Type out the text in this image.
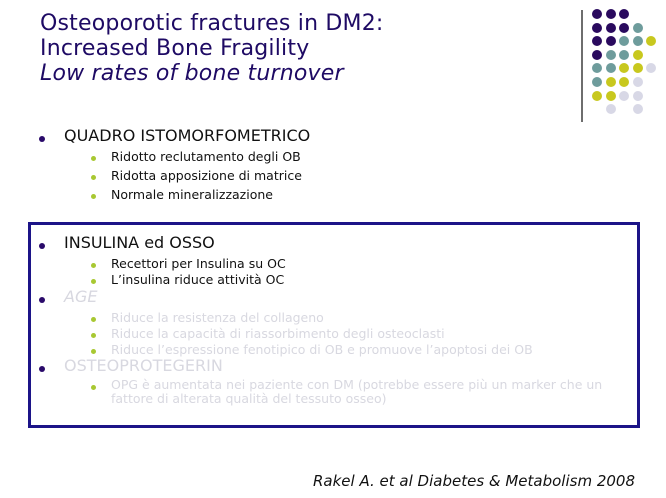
Osteoporotic fractures in DM2:
Increased Bone Fragility
Low rates of bone turnover
QUADRO ISTOMORFOMETRICO
Ridotto reclutamento degli OB
Ridotta apposizione di matrice
Normale mineralizzazione
INSULINA ed OSSO
Recettori per Insulina su OC
L’insulina riduce attività OC
AGE
Riduce la resistenza del collageno
Riduce la capacità di riassorbimento degli osteoclasti
Riduce l’espressione fenotipico di OB e promuove l’apoptosi dei OB
OSTEOPROTEGERIN
OPG è aumentata nei paziente con DM (potrebbe essere più un marker che un
fattore di alterata qualità del tessuto osseo)
Rakel A. et al Diabetes & Metabolism 2008
